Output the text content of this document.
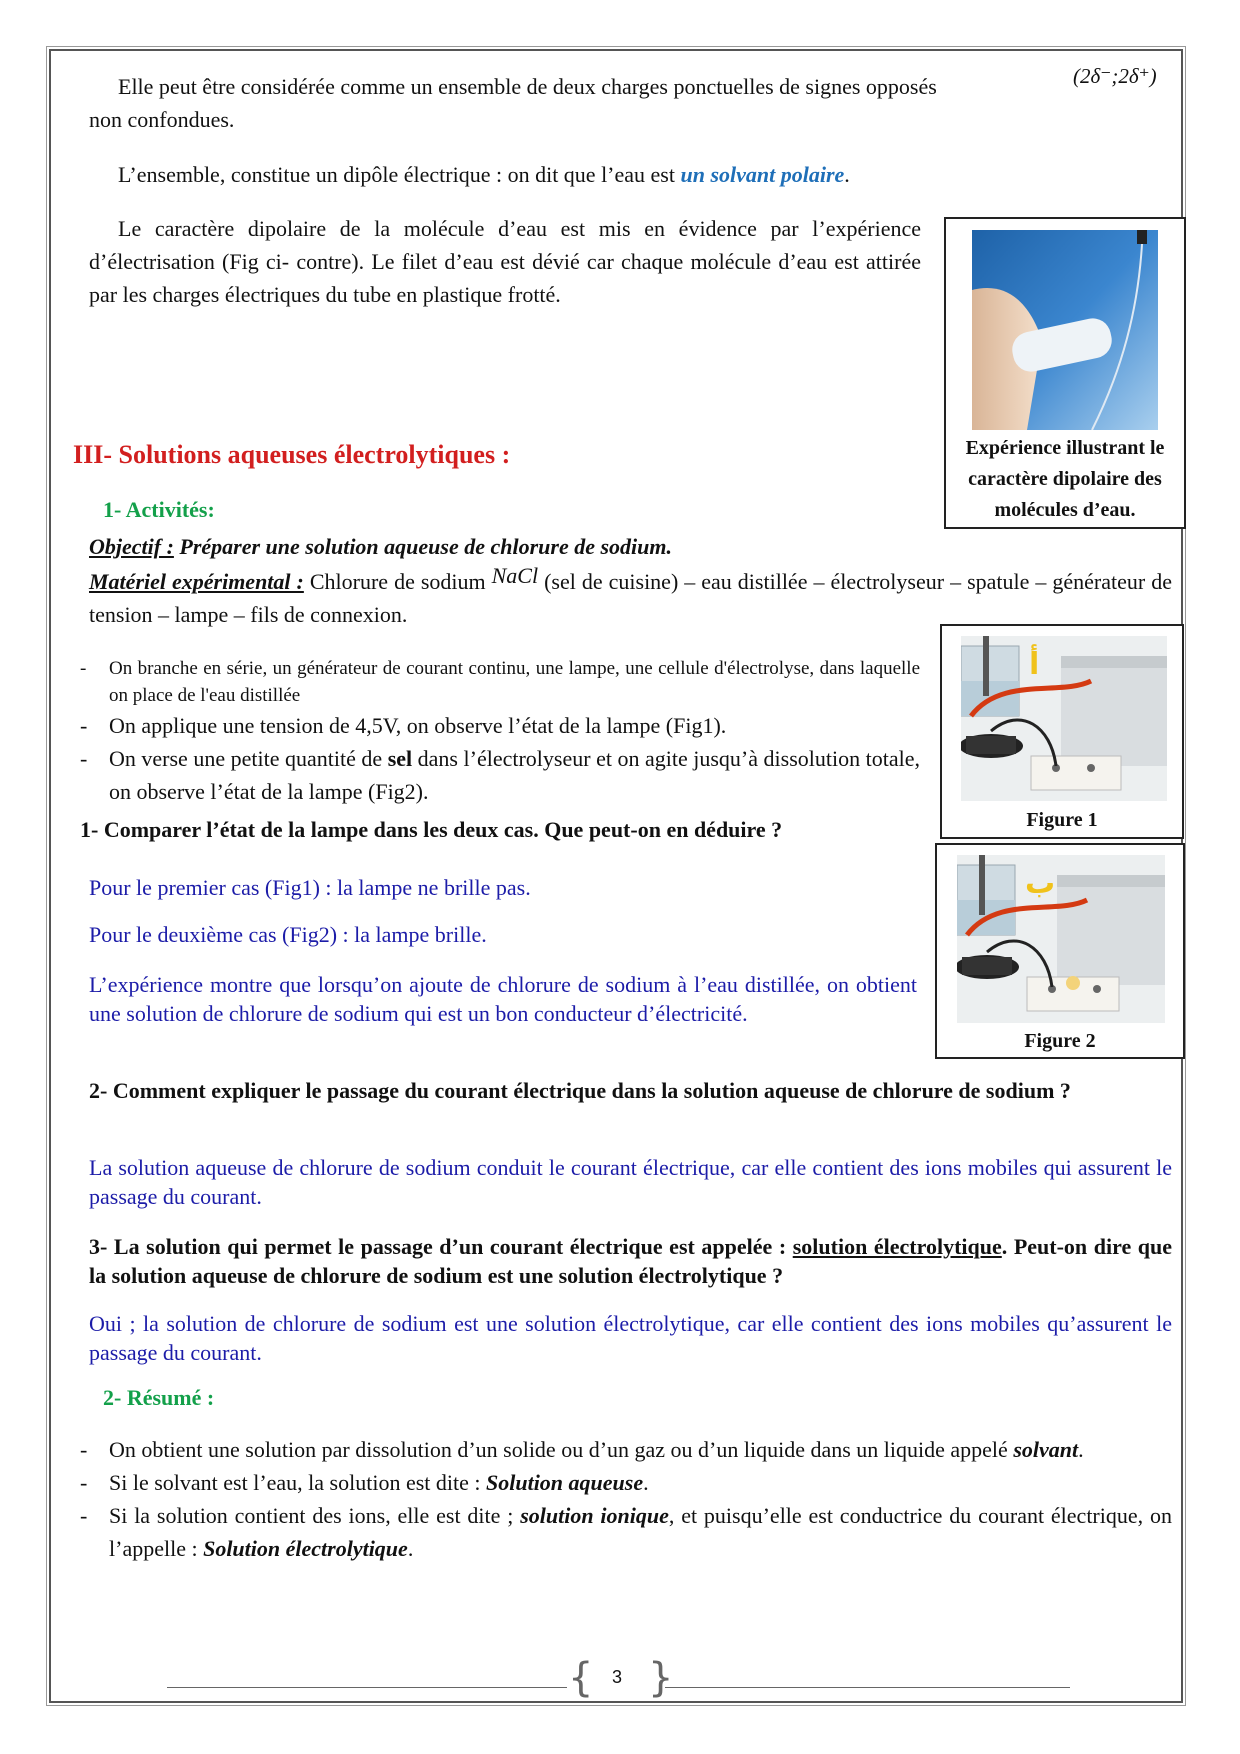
Elle peut être considérée comme un ensemble de deux charges ponctuelles de signes opposés
non confondues.
(2δ⁻;2δ⁺)
L’ensemble, constitue un dipôle électrique : on dit que l’eau est un solvant polaire.
Le caractère dipolaire de la molécule d’eau est mis en évidence par l’expérience d’électrisation (Fig ci- contre). Le filet d’eau est dévié car chaque molécule d’eau est attirée par les charges électriques du tube en plastique frotté.
Expérience illustrant le caractère dipolaire des molécules d’eau.
III- Solutions aqueuses électrolytiques :
1- Activités:
Objectif : Préparer une solution aqueuse de chlorure de sodium.
Matériel expérimental : Chlorure de sodium NaCl (sel de cuisine) – eau distillée – électrolyseur – spatule – générateur de tension – lampe – fils de connexion.
- On branche en série, un générateur de courant continu, une lampe, une cellule d'électrolyse, dans laquelle on place de l'eau distillée
- On applique une tension de 4,5V, on observe l’état de la lampe (Fig1).
- On verse une petite quantité de sel dans l’électrolyseur et on agite jusqu’à dissolution totale, on observe l’état de la lampe (Fig2).
أ
Figure 1
1- Comparer l’état de la lampe dans les deux cas. Que peut-on en déduire ?
ب
Figure 2
Pour le premier cas (Fig1) : la lampe ne brille pas.
Pour le deuxième cas (Fig2) : la lampe brille.
L’expérience montre que lorsqu’on ajoute de chlorure de sodium à l’eau distillée, on obtient une solution de chlorure de sodium qui est un bon conducteur d’électricité.
2- Comment expliquer le passage du courant électrique dans la solution aqueuse de chlorure de sodium ?
La solution aqueuse de chlorure de sodium conduit le courant électrique, car elle contient des ions mobiles qui assurent le passage du courant.
3- La solution qui permet le passage d’un courant électrique est appelée : solution électrolytique. Peut-on dire que la solution aqueuse de chlorure de sodium est une solution électrolytique ?
Oui ; la solution de chlorure de sodium est une solution électrolytique, car elle contient des ions mobiles qu’assurent le passage du courant.
2- Résumé :
- On obtient une solution par dissolution d’un solide ou d’un gaz ou d’un liquide dans un liquide appelé solvant.
- Si le solvant est l’eau, la solution est dite : Solution aqueuse.
- Si la solution contient des ions, elle est dite ; solution ionique, et puisqu’elle est conductrice du courant électrique, on l’appelle : Solution électrolytique.
{ }
3
